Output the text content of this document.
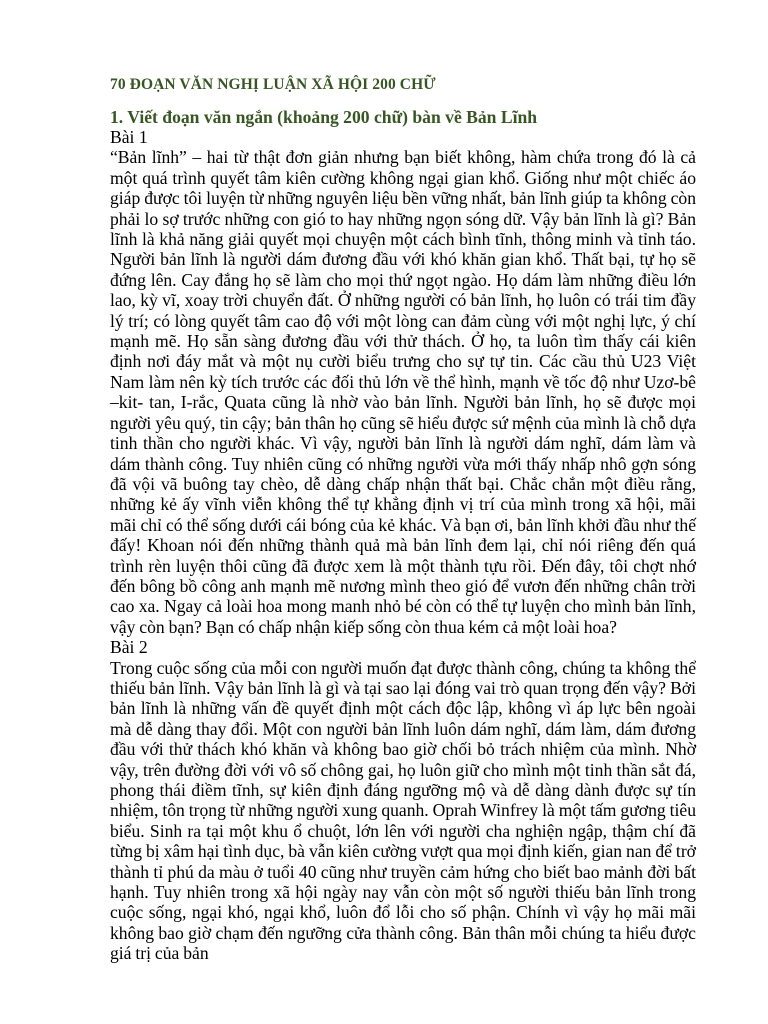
70 ĐOẠN VĂN NGHỊ LUẬN XÃ HỘI 200 CHỮ
1. Viết đoạn văn ngắn (khoảng 200 chữ) bàn về Bản Lĩnh

Bài 1

“Bản lĩnh” – hai từ thật đơn giản nhưng bạn biết không, hàm chứa trong đó là cả một quá trình quyết tâm kiên cường không ngại gian khổ. Giống như một chiếc áo giáp được tôi luyện từ những nguyên liệu bền vững nhất, bản lĩnh giúp ta không còn phải lo sợ trước những con gió to hay những ngọn sóng dữ. Vậy bản lĩnh là gì? Bản lĩnh là khả năng giải quyết mọi chuyện một cách bình tĩnh, thông minh và tỉnh táo. Người bản lĩnh là người dám đương đầu với khó khăn gian khổ. Thất bại, tự họ sẽ đứng lên. Cay đắng họ sẽ làm cho mọi thứ ngọt ngào. Họ dám làm những điều lớn lao, kỳ vĩ, xoay trời chuyển đất. Ở những người có bản lĩnh, họ luôn có trái tim đầy lý trí; có lòng quyết tâm cao độ với một lòng can đảm cùng với một nghị lực, ý chí mạnh mẽ. Họ sẵn sàng đương đầu với thử thách. Ở họ, ta luôn tìm thấy cái kiên định nơi đáy mắt và một nụ cười biểu trưng cho sự tự tin. Các cầu thủ U23 Việt Nam làm nên kỳ tích trước các đối thủ lớn về thể hình, mạnh về tốc độ như Uzơ-bê –kit- tan, I-rắc, Quata cũng là nhờ vào bản lĩnh. Người bản lĩnh, họ sẽ được mọi người yêu quý, tin cậy; bản thân họ cũng sẽ hiểu được sứ mệnh của mình là chỗ dựa tinh thần cho người khác. Vì vậy, người bản lĩnh là người dám nghĩ, dám làm và dám thành công. Tuy nhiên cũng có những người vừa mới thấy nhấp nhô gợn sóng đã vội vã buông tay chèo, dễ dàng chấp nhận thất bại. Chắc chắn một điều rằng, những kẻ ấy vĩnh viễn không thể tự khẳng định vị trí của mình trong xã hội, mãi mãi chỉ có thể sống dưới cái bóng của kẻ khác. Và bạn ơi, bản lĩnh khởi đầu như thế đấy! Khoan nói đến những thành quả mà bản lĩnh đem lại, chỉ nói riêng đến quá trình rèn luyện thôi cũng đã được xem là một thành tựu rồi. Đến đây, tôi chợt nhớ đến bông bồ công anh mạnh mẽ nương mình theo gió để vươn đến những chân trời cao xa. Ngay cả loài hoa mong manh nhỏ bé còn có thể tự luyện cho mình bản lĩnh, vậy còn bạn? Bạn có chấp nhận kiếp sống còn thua kém cả một loài hoa?

Bài 2

Trong cuộc sống của mỗi con người muốn đạt được thành công, chúng ta không thể thiếu bản lĩnh. Vậy bản lĩnh là gì và tại sao lại đóng vai trò quan trọng đến vậy? Bởi bản lĩnh là những vấn đề quyết định một cách độc lập, không vì áp lực bên ngoài mà dễ dàng thay đổi. Một con người bản lĩnh luôn dám nghĩ, dám làm, dám đương đầu với thử thách khó khăn và không bao giờ chối bỏ trách nhiệm của mình. Nhờ vậy, trên đường đời với vô số chông gai, họ luôn giữ cho mình một tinh thần sắt đá, phong thái điềm tĩnh, sự kiên định đáng ngưỡng mộ và dễ dàng dành được sự tín nhiệm, tôn trọng từ những người xung quanh. Oprah Winfrey là một tấm gương tiêu biểu. Sinh ra tại một khu ổ chuột, lớn lên với người cha nghiện ngập, thậm chí đã từng bị xâm hại tình dục, bà vẫn kiên cường vượt qua mọi định kiến, gian nan để trở thành tỉ phú da màu ở tuổi 40 cũng như truyền cảm hứng cho biết bao mảnh đời bất hạnh. Tuy nhiên trong xã hội ngày nay vẫn còn một số người thiếu bản lĩnh trong cuộc sống, ngại khó, ngại khổ, luôn đổ lỗi cho số phận. Chính vì vậy họ mãi mãi không bao giờ chạm đến ngưỡng cửa thành công. Bản thân mỗi chúng ta hiểu được giá trị của bản
